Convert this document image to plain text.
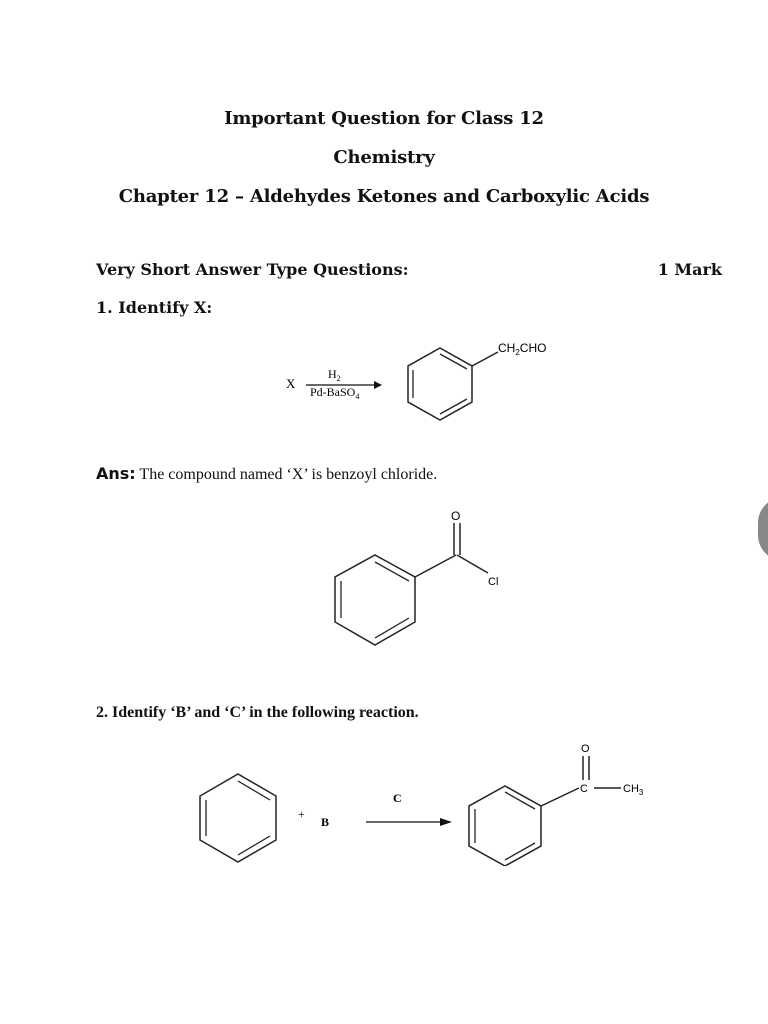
Important Question for Class 12
Chemistry
Chapter 12 – Aldehydes Ketones and Carboxylic Acids
Very Short Answer Type Questions:	1 Mark
1. Identify X:
X
$H_2$
Pd-BaSO$_4$
$CH_2CHO$
Ans: The compound named ‘X’ is benzoyl chloride.
O
Cl
2. Identify ‘B’ and ‘C’ in the following reaction.
+
B
C
O
C	$CH_3$
